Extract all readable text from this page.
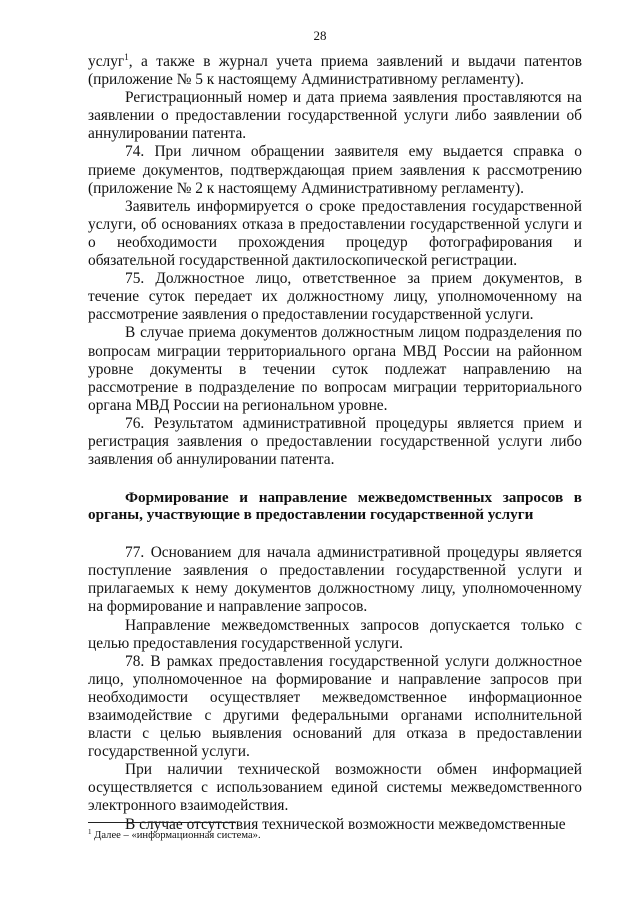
28

услуг$^1$, а также в журнал учета приема заявлений и выдачи патентов (приложение № 5 к настоящему Административному регламенту).

Регистрационный номер и дата приема заявления проставляются на заявлении о предоставлении государственной услуги либо заявлении об аннулировании патента.

74. При личном обращении заявителя ему выдается справка о приеме документов, подтверждающая прием заявления к рассмотрению (приложение № 2 к настоящему Административному регламенту).

Заявитель информируется о сроке предоставления государственной услуги, об основаниях отказа в предоставлении государственной услуги и о необходимости прохождения процедур фотографирования и обязательной государственной дактилоскопической регистрации.

75. Должностное лицо, ответственное за прием документов, в течение суток передает их должностному лицу, уполномоченному на рассмотрение заявления о предоставлении государственной услуги.

В случае приема документов должностным лицом подразделения по вопросам миграции территориального органа МВД России на районном уровне документы в течении суток подлежат направлению на рассмотрение в подразделение по вопросам миграции территориального органа МВД России на региональном уровне.

76. Результатом административной процедуры является прием и регистрация заявления о предоставлении государственной услуги либо заявления об аннулировании патента.

Формирование и направление межведомственных запросов в органы, участвующие в предоставлении государственной услуги

77. Основанием для начала административной процедуры является поступление заявления о предоставлении государственной услуги и прилагаемых к нему документов должностному лицу, уполномоченному на формирование и направление запросов.

Направление межведомственных запросов допускается только с целью предоставления государственной услуги.

78. В рамках предоставления государственной услуги должностное лицо, уполномоченное на формирование и направление запросов при необходимости осуществляет межведомственное информационное взаимодействие с другими федеральными органами исполнительной власти с целью выявления оснований для отказа в предоставлении государственной услуги.

При наличии технической возможности обмен информацией осуществляется с использованием единой системы межведомственного электронного взаимодействия.

В случае отсутствия технической возможности межведомственные

$^1$ Далее – «информационная система».
